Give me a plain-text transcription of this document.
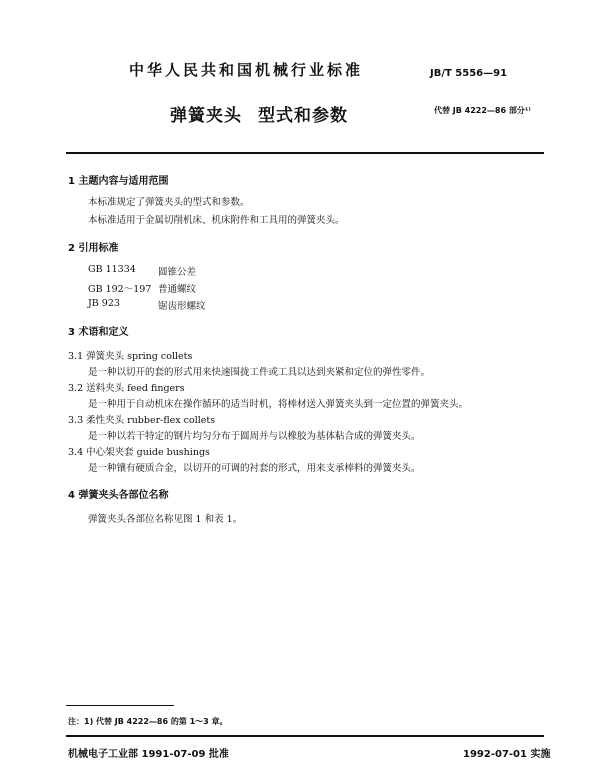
中华人民共和国机械行业标准	JB/T 5556—91
弹簧夹头 型式和参数	代替 JB 4222—86 部分¹⁾
1 主题内容与适用范围
本标准规定了弹簧夹头的型式和参数。
本标准适用于金属切削机床、机床附件和工具用的弹簧夹头。
2 引用标准
GB 11334 圆锥公差
GB 192～197 普通螺纹
JB 923	锯齿形螺纹
3 术语和定义
3.1 弹簧夹头 spring collets
是一种以切开的套的形式用来快速围拢工件或工具以达到夹紧和定位的弹性零件。
3.2 送料夹头 feed fingers
是一种用于自动机床在操作循环的适当时机，将棒材送入弹簧夹头到一定位置的弹簧夹头。
3.3 柔性夹头 rubber-flex collets
是一种以若干特定的钢片均匀分布于圆周并与以橡胶为基体粘合成的弹簧夹头。
3.4 中心架夹套 guide bushings
是一种镶有硬质合金，以切开的可调的衬套的形式，用来支承棒料的弹簧夹头。
4 弹簧夹头各部位名称
弹簧夹头各部位名称见图 1 和表 1。
注：1) 代替 JB 4222—86 的第 1～3 章。
机械电子工业部 1991-07-09 批准	1992-07-01 实施
